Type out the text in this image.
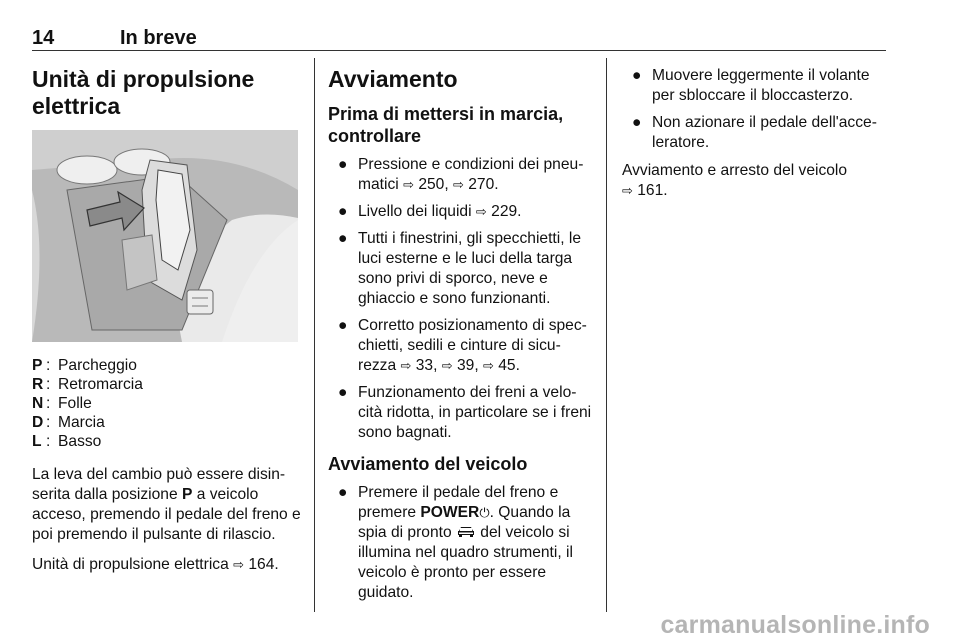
14	In breve
Unità di propulsione elettrica
P : Parcheggio
R : Retromarcia
N : Folle
D : Marcia
L : Basso

La leva del cambio può essere disin-serita dalla posizione P a veicolo acceso, premendo il pedale del freno e poi premendo il pulsante di rilascio.

Unità di propulsione elettrica ⇨ 164.

Avviamento
Prima di mettersi in marcia, controllare
● Pressione e condizioni dei pneu-matici ⇨ 250, ⇨ 270.
● Livello dei liquidi ⇨ 229.
● Tutti i finestrini, gli specchietti, le luci esterne e le luci della targa sono privi di sporco, neve e ghiaccio e sono funzionanti.
● Corretto posizionamento di spec-chietti, sedili e cinture di sicu-rezza ⇨ 33, ⇨ 39, ⇨ 45.
● Funzionamento dei freni a velo-cità ridotta, in particolare se i freni sono bagnati.
Avviamento del veicolo
● Premere il pedale del freno e premere POWER⏻. Quando la spia di pronto  del veicolo si illumina nel quadro strumenti, il veicolo è pronto per essere guidato.
● Muovere leggermente il volante per sbloccare il bloccasterzo.
● Non azionare il pedale dell'acce-leratore.

Avviamento e arresto del veicolo
⇨ 161.

carmanualsonline.info
